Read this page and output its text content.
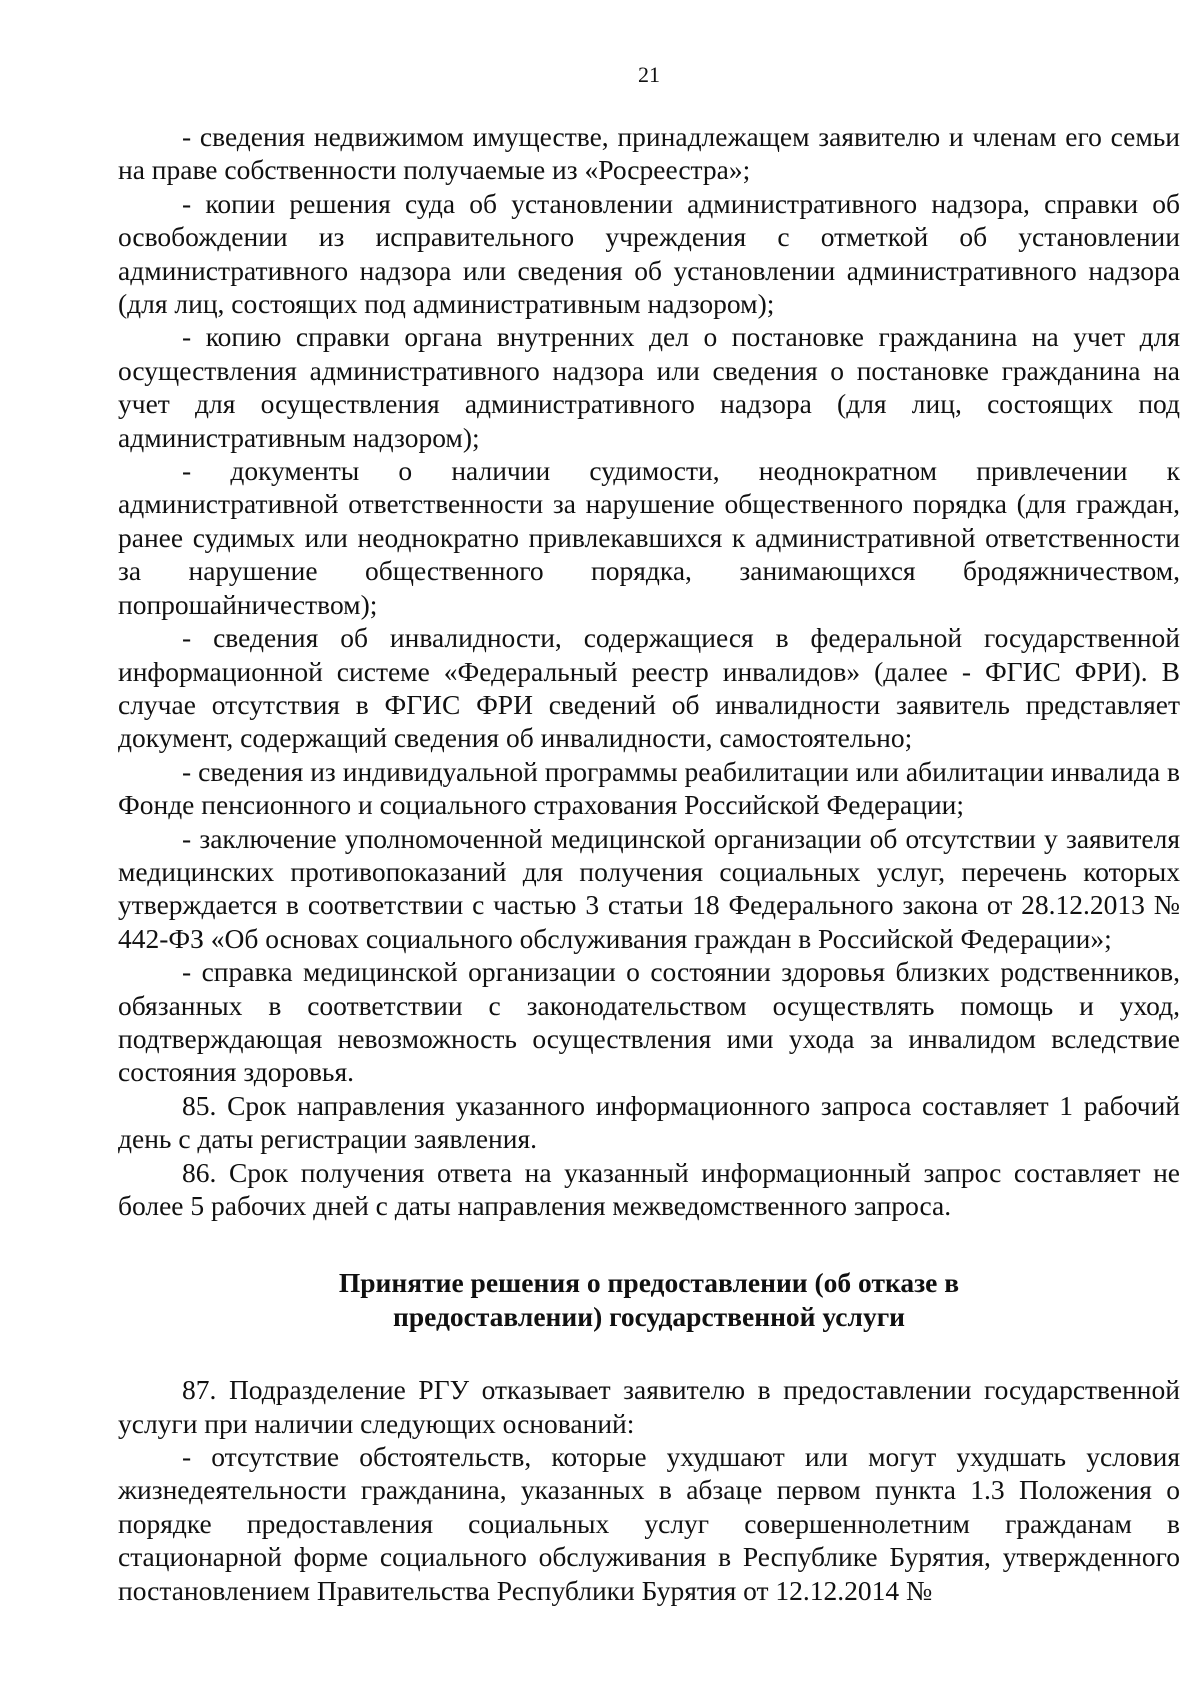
21

- сведения недвижимом имуществе, принадлежащем заявителю и членам его семьи на праве собственности получаемые из «Росреестра»;

- копии решения суда об установлении административного надзора, справки об освобождении из исправительного учреждения с отметкой об установлении административного надзора или сведения об установлении административного надзора (для лиц, состоящих под административным надзором);

- копию справки органа внутренних дел о постановке гражданина на учет для осуществления административного надзора или сведения о постановке гражданина на учет для осуществления административного надзора (для лиц, состоящих под административным надзором);

- документы о наличии судимости, неоднократном привлечении к административной ответственности за нарушение общественного порядка (для граждан, ранее судимых или неоднократно привлекавшихся к административной ответственности за нарушение общественного порядка, занимающихся бродяжничеством, попрошайничеством);

- сведения об инвалидности, содержащиеся в федеральной государственной информационной системе «Федеральный реестр инвалидов» (далее - ФГИС ФРИ). В случае отсутствия в ФГИС ФРИ сведений об инвалидности заявитель представляет документ, содержащий сведения об инвалидности, самостоятельно;

- сведения из индивидуальной программы реабилитации или абилитации инвалида в Фонде пенсионного и социального страхования Российской Федерации;

- заключение уполномоченной медицинской организации об отсутствии у заявителя медицинских противопоказаний для получения социальных услуг, перечень которых утверждается в соответствии с частью 3 статьи 18 Федерального закона от 28.12.2013 № 442-ФЗ «Об основах социального обслуживания граждан в Российской Федерации»;

- справка медицинской организации о состоянии здоровья близких родственников, обязанных в соответствии с законодательством осуществлять помощь и уход, подтверждающая невозможность осуществления ими ухода за инвалидом вследствие состояния здоровья.

85. Срок направления указанного информационного запроса составляет 1 рабочий день с даты регистрации заявления.

86. Срок получения ответа на указанный информационный запрос составляет не более 5 рабочих дней с даты направления межведомственного запроса.

Принятие решения о предоставлении (об отказе в предоставлении) государственной услуги

87. Подразделение РГУ отказывает заявителю в предоставлении государственной услуги при наличии следующих оснований:

- отсутствие обстоятельств, которые ухудшают или могут ухудшать условия жизнедеятельности гражданина, указанных в абзаце первом пункта 1.3 Положения о порядке предоставления социальных услуг совершеннолетним гражданам в стационарной форме социального обслуживания в Республике Бурятия, утвержденного постановлением Правительства Республики Бурятия от 12.12.2014 №
